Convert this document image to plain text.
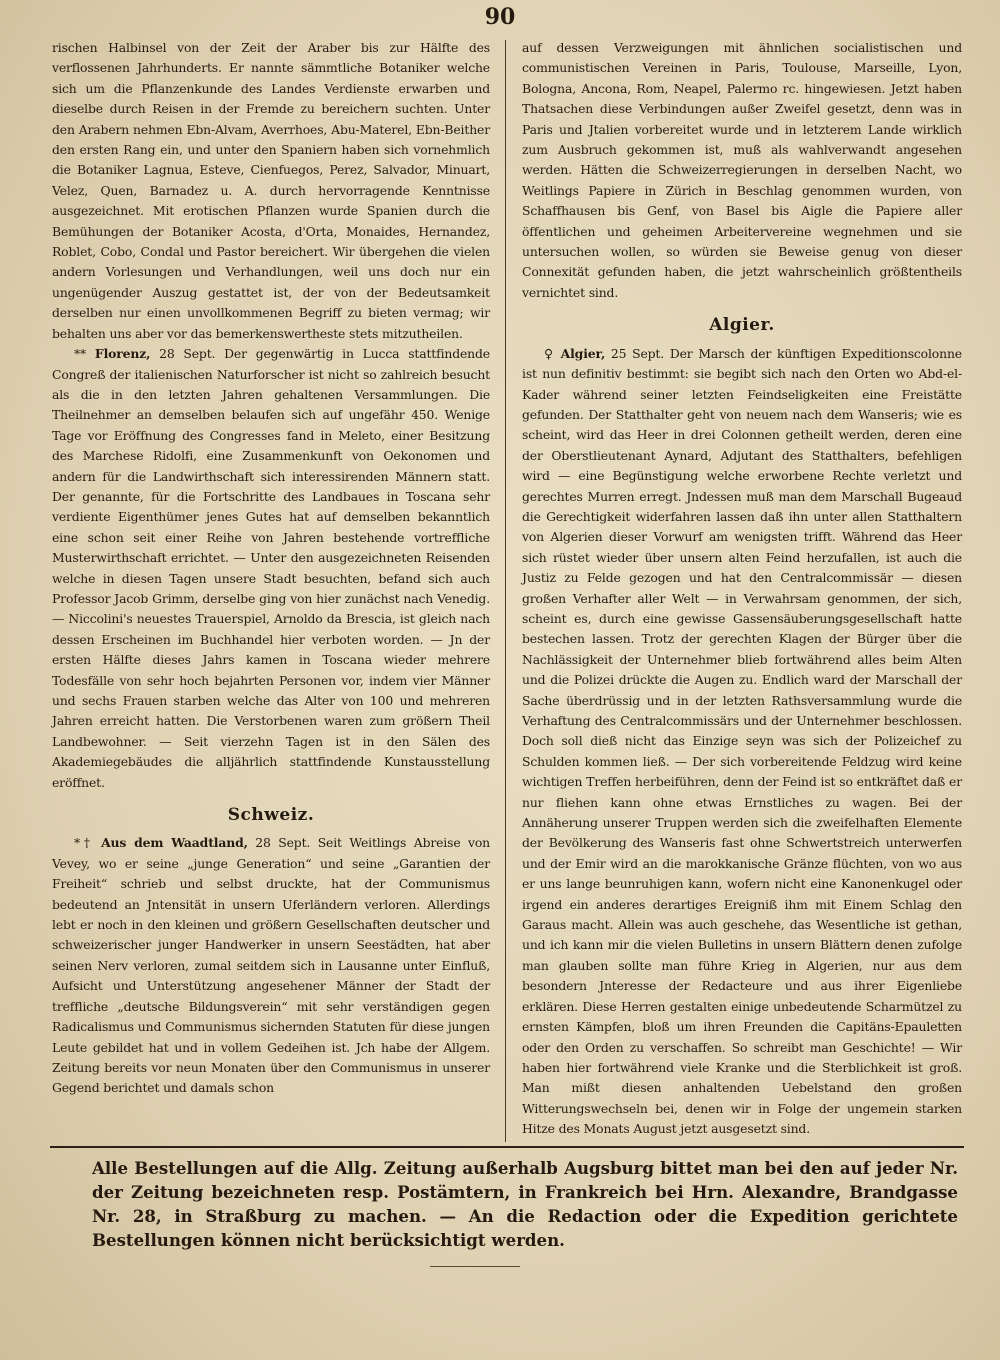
90

rischen Halbinsel von der Zeit der Araber bis zur Hälfte des verflossenen Jahrhunderts. Er nannte sämmtliche Botaniker welche sich um die Pflanzenkunde des Landes Verdienste erwarben und dieselbe durch Reisen in der Fremde zu bereichern suchten. Unter den Arabern nehmen Ebn-Alvam, Averrhoes, Abu-Materel, Ebn-Beither den ersten Rang ein, und unter den Spaniern haben sich vornehmlich die Botaniker Lagnua, Esteve, Cienfuegos, Perez, Salvador, Minuart, Velez, Quen, Barnadez u. A. durch hervorragende Kenntnisse ausgezeichnet. Mit erotischen Pflanzen wurde Spanien durch die Bemühungen der Botaniker Acosta, d'Orta, Monaides, Hernandez, Roblet, Cobo, Condal und Pastor bereichert. Wir übergehen die vielen andern Vorlesungen und Verhandlungen, weil uns doch nur ein ungenügender Auszug gestattet ist, der von der Bedeutsamkeit derselben nur einen unvollkommenen Begriff zu bieten vermag; wir behalten uns aber vor das bemerkenswertheste stets mitzutheilen.

** Florenz, 28 Sept. Der gegenwärtig in Lucca stattfindende Congreß der italienischen Naturforscher ist nicht so zahlreich besucht als die in den letzten Jahren gehaltenen Versammlungen. Die Theilnehmer an demselben belaufen sich auf ungefähr 450. Wenige Tage vor Eröffnung des Congresses fand in Meleto, einer Besitzung des Marchese Ridolfi, eine Zusammenkunft von Oekonomen und andern für die Landwirthschaft sich interessirenden Männern statt. Der genannte, für die Fortschritte des Landbaues in Toscana sehr verdiente Eigenthümer jenes Gutes hat auf demselben bekanntlich eine schon seit einer Reihe von Jahren bestehende vortreffliche Musterwirthschaft errichtet. — Unter den ausgezeichneten Reisenden welche in diesen Tagen unsere Stadt besuchten, befand sich auch Professor Jacob Grimm, derselbe ging von hier zunächst nach Venedig. — Niccolini's neuestes Trauerspiel, Arnoldo da Brescia, ist gleich nach dessen Erscheinen im Buchhandel hier verboten worden. — Jn der ersten Hälfte dieses Jahrs kamen in Toscana wieder mehrere Todesfälle von sehr hoch bejahrten Personen vor, indem vier Männer und sechs Frauen starben welche das Alter von 100 und mehreren Jahren erreicht hatten. Die Verstorbenen waren zum größern Theil Landbewohner. — Seit vierzehn Tagen ist in den Sälen des Akademiegebäudes die alljährlich stattfindende Kunstausstellung eröffnet.

Schweiz.

*† Aus dem Waadtland, 28 Sept. Seit Weitlings Abreise von Vevey, wo er seine „junge Generation“ und seine „Garantien der Freiheit“ schrieb und selbst druckte, hat der Communismus bedeutend an Jntensität in unsern Uferländern verloren. Allerdings lebt er noch in den kleinen und größern Gesellschaften deutscher und schweizerischer junger Handwerker in unsern Seestädten, hat aber seinen Nerv verloren, zumal seitdem sich in Lausanne unter Einfluß, Aufsicht und Unterstützung angesehener Männer der Stadt der treffliche „deutsche Bildungsverein“ mit sehr verständigen gegen Radicalismus und Communismus sichernden Statuten für diese jungen Leute gebildet hat und in vollem Gedeihen ist. Jch habe der Allgem. Zeitung bereits vor neun Monaten über den Communismus in unserer Gegend berichtet und damals schon

auf dessen Verzweigungen mit ähnlichen socialistischen und communistischen Vereinen in Paris, Toulouse, Marseille, Lyon, Bologna, Ancona, Rom, Neapel, Palermo rc. hingewiesen. Jetzt haben Thatsachen diese Verbindungen außer Zweifel gesetzt, denn was in Paris und Jtalien vorbereitet wurde und in letzterem Lande wirklich zum Ausbruch gekommen ist, muß als wahlverwandt angesehen werden. Hätten die Schweizerregierungen in derselben Nacht, wo Weitlings Papiere in Zürich in Beschlag genommen wurden, von Schaffhausen bis Genf, von Basel bis Aigle die Papiere aller öffentlichen und geheimen Arbeitervereine wegnehmen und sie untersuchen wollen, so würden sie Beweise genug von dieser Connexität gefunden haben, die jetzt wahrscheinlich größtentheils vernichtet sind.

Algier.

♀ Algier, 25 Sept. Der Marsch der künftigen Expeditionscolonne ist nun definitiv bestimmt: sie begibt sich nach den Orten wo Abd-el-Kader während seiner letzten Feindseligkeiten eine Freistätte gefunden. Der Statthalter geht von neuem nach dem Wanseris; wie es scheint, wird das Heer in drei Colonnen getheilt werden, deren eine der Oberstlieutenant Aynard, Adjutant des Statthalters, befehligen wird — eine Begünstigung welche erworbene Rechte verletzt und gerechtes Murren erregt. Jndessen muß man dem Marschall Bugeaud die Gerechtigkeit widerfahren lassen daß ihn unter allen Statthaltern von Algerien dieser Vorwurf am wenigsten trifft. Während das Heer sich rüstet wieder über unsern alten Feind herzufallen, ist auch die Justiz zu Felde gezogen und hat den Centralcommissär — diesen großen Verhafter aller Welt — in Verwahrsam genommen, der sich, scheint es, durch eine gewisse Gassensäuberungsgesellschaft hatte bestechen lassen. Trotz der gerechten Klagen der Bürger über die Nachlässigkeit der Unternehmer blieb fortwährend alles beim Alten und die Polizei drückte die Augen zu. Endlich ward der Marschall der Sache überdrüssig und in der letzten Rathsversammlung wurde die Verhaftung des Centralcommissärs und der Unternehmer beschlossen. Doch soll dieß nicht das Einzige seyn was sich der Polizeichef zu Schulden kommen ließ. — Der sich vorbereitende Feldzug wird keine wichtigen Treffen herbeiführen, denn der Feind ist so entkräftet daß er nur fliehen kann ohne etwas Ernstliches zu wagen. Bei der Annäherung unserer Truppen werden sich die zweifelhaften Elemente der Bevölkerung des Wanseris fast ohne Schwertstreich unterwerfen und der Emir wird an die marokkanische Gränze flüchten, von wo aus er uns lange beunruhigen kann, wofern nicht eine Kanonenkugel oder irgend ein anderes derartiges Ereigniß ihm mit Einem Schlag den Garaus macht. Allein was auch geschehe, das Wesentliche ist gethan, und ich kann mir die vielen Bulletins in unsern Blättern denen zufolge man glauben sollte man führe Krieg in Algerien, nur aus dem besondern Jnteresse der Redacteure und aus ihrer Eigenliebe erklären. Diese Herren gestalten einige unbedeutende Scharmützel zu ernsten Kämpfen, bloß um ihren Freunden die Capitäns-Epauletten oder den Orden zu verschaffen. So schreibt man Geschichte! — Wir haben hier fortwährend viele Kranke und die Sterblichkeit ist groß. Man mißt diesen anhaltenden Uebelstand den großen Witterungswechseln bei, denen wir in Folge der ungemein starken Hitze des Monats August jetzt ausgesetzt sind.

Alle Bestellungen auf die Allg. Zeitung außerhalb Augsburg bittet man bei den auf jeder Nr. der Zeitung bezeichneten resp. Postämtern, in Frankreich bei Hrn. Alexandre, Brandgasse Nr. 28, in Straßburg zu machen. — An die Redaction oder die Expedition gerichtete Bestellungen können nicht berücksichtigt werden.
